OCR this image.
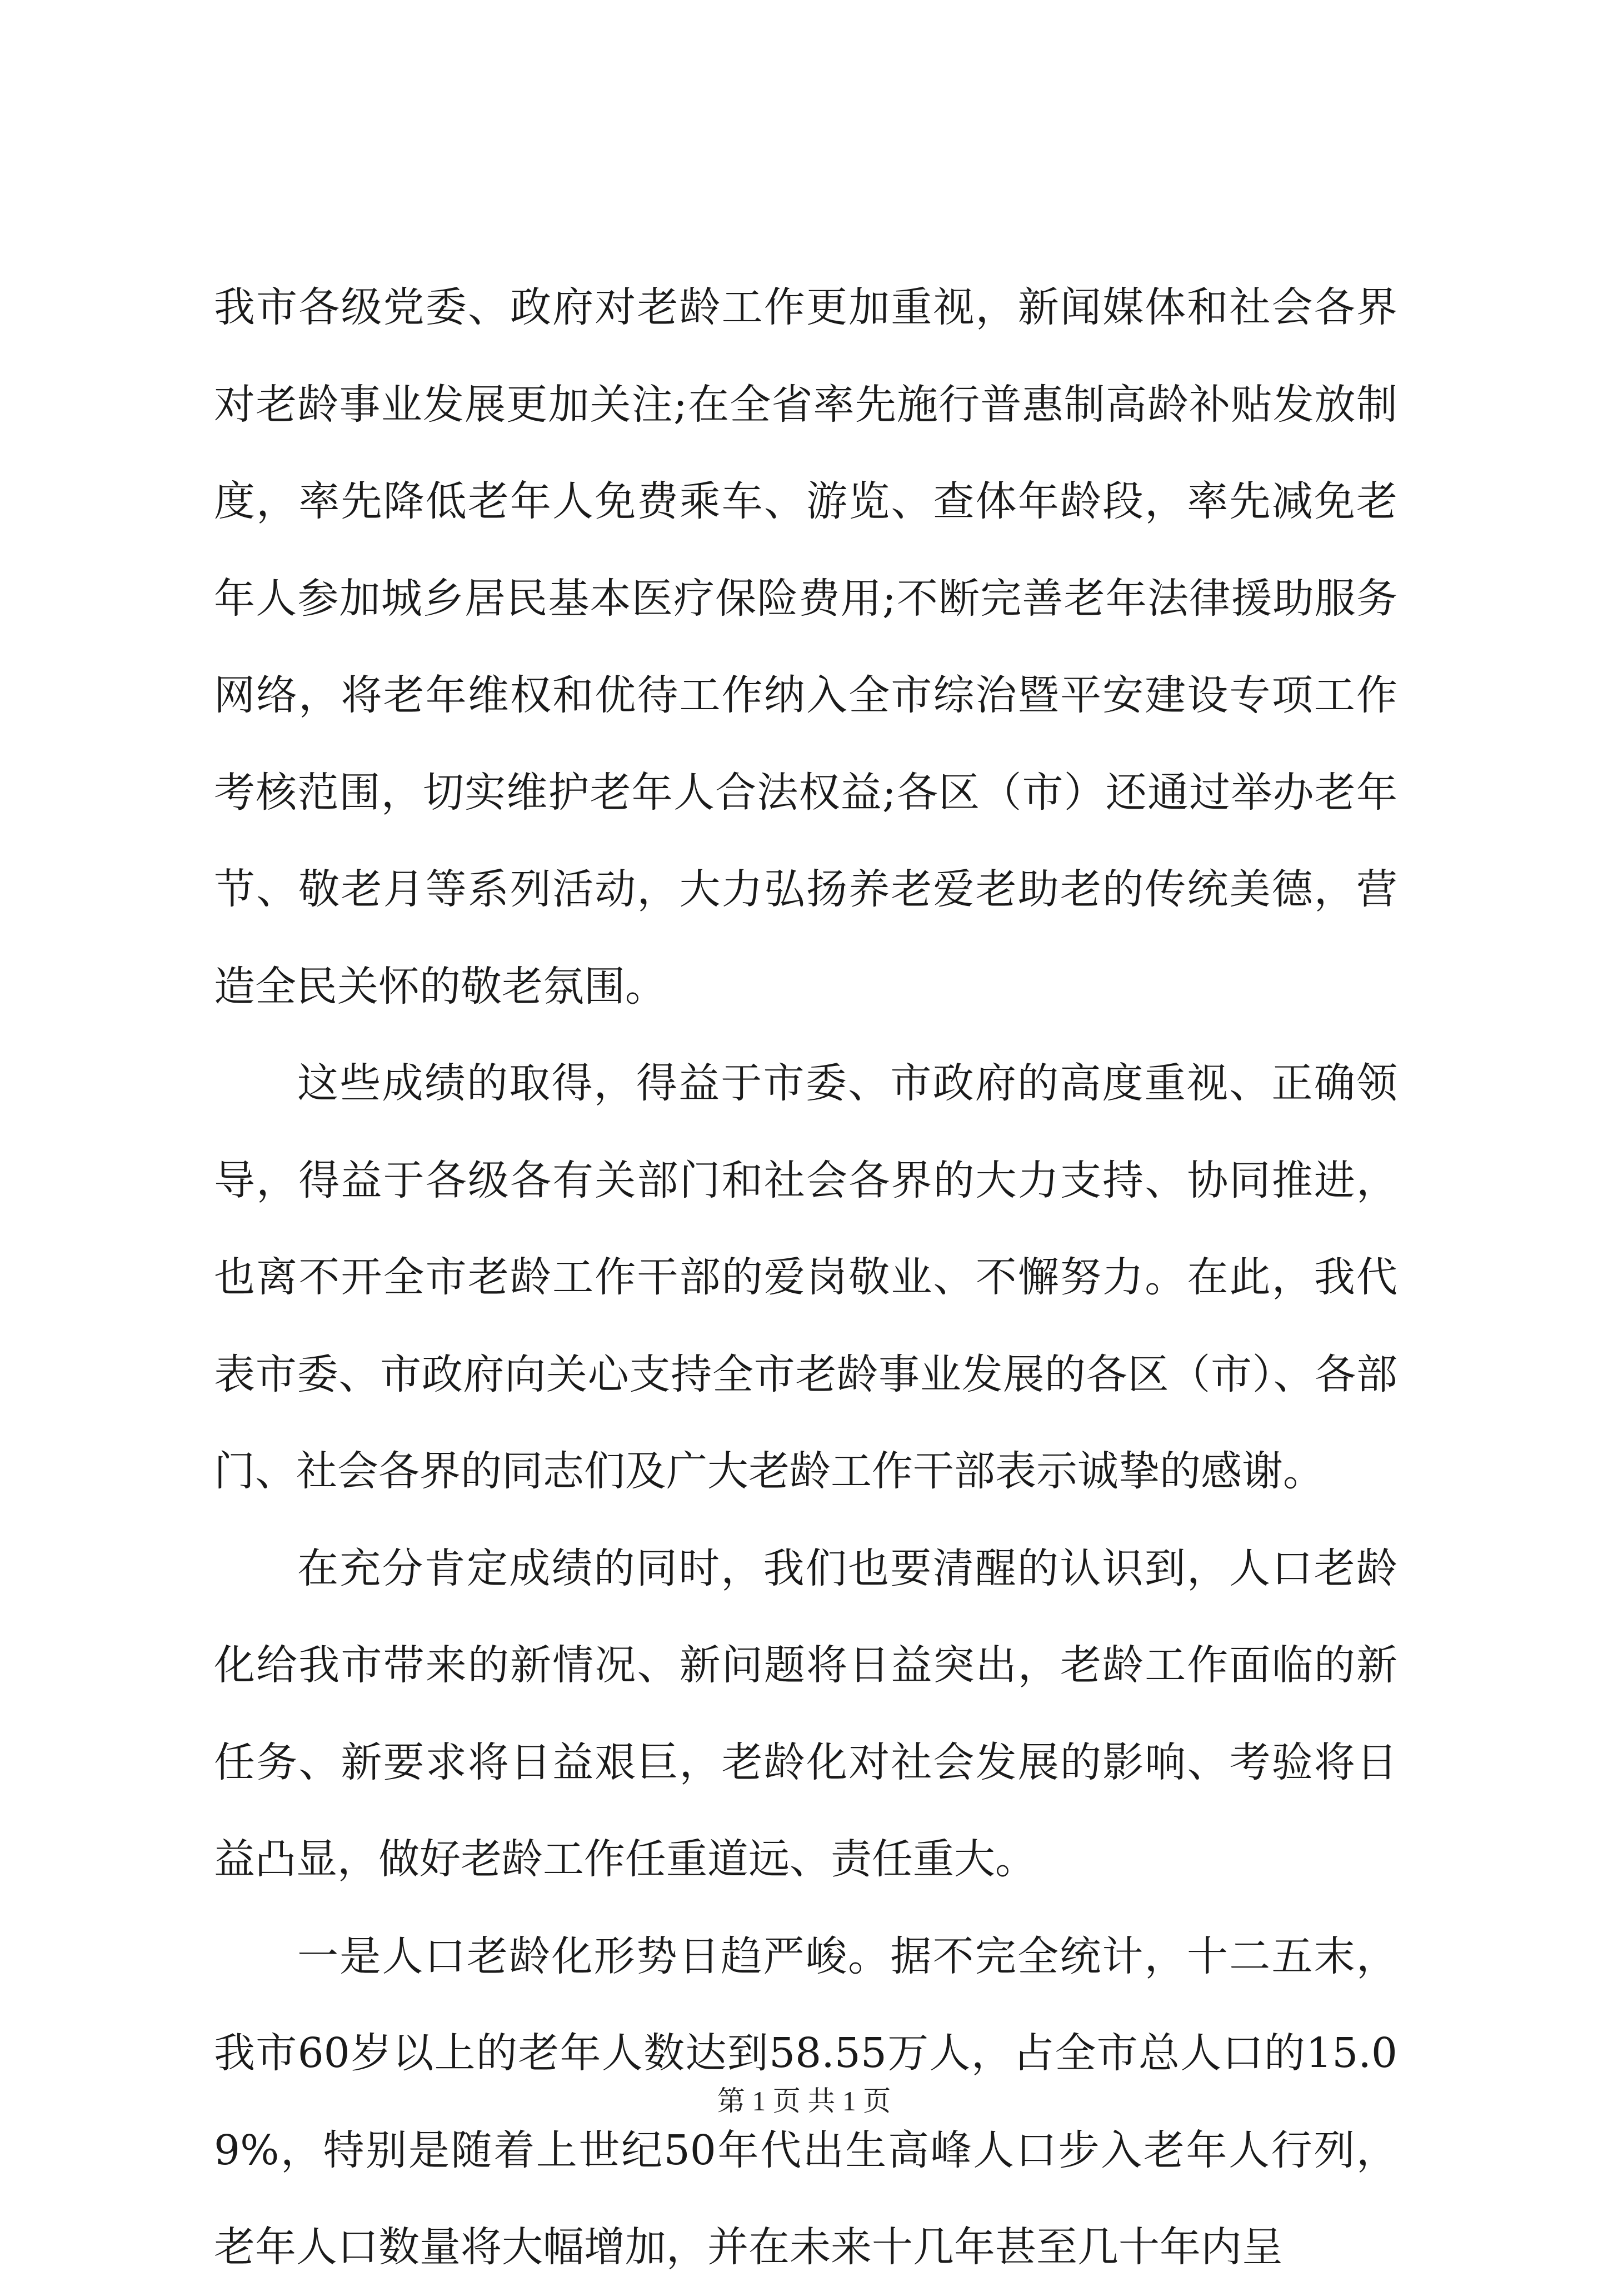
我市各级党委、政府对老龄工作更加重视，新闻媒体和社会各界对老龄事业发展更加关注;在全省率先施行普惠制高龄补贴发放制度，率先降低老年人免费乘车、游览、查体年龄段，率先减免老年人参加城乡居民基本医疗保险费用;不断完善老年法律援助服务网络，将老年维权和优待工作纳入全市综治暨平安建设专项工作考核范围，切实维护老年人合法权益;各区（市）还通过举办老年节、敬老月等系列活动，大力弘扬养老爱老助老的传统美德，营造全民关怀的敬老氛围。

这些成绩的取得，得益于市委、市政府的高度重视、正确领导，得益于各级各有关部门和社会各界的大力支持、协同推进，也离不开全市老龄工作干部的爱岗敬业、不懈努力。在此，我代表市委、市政府向关心支持全市老龄事业发展的各区（市）、各部门、社会各界的同志们及广大老龄工作干部表示诚挚的感谢。

在充分肯定成绩的同时，我们也要清醒的认识到，人口老龄化给我市带来的新情况、新问题将日益突出，老龄工作面临的新任务、新要求将日益艰巨，老龄化对社会发展的影响、考验将日益凸显，做好老龄工作任重道远、责任重大。

一是人口老龄化形势日趋严峻。据不完全统计，十二五末，我市60岁以上的老年人数达到58.55万人，占全市总人口的15.09%，特别是随着上世纪50年代出生高峰人口步入老年人行列，老年人口数量将大幅增加，并在未来十几年甚至几十年内呈

第 1 页 共 1 页
